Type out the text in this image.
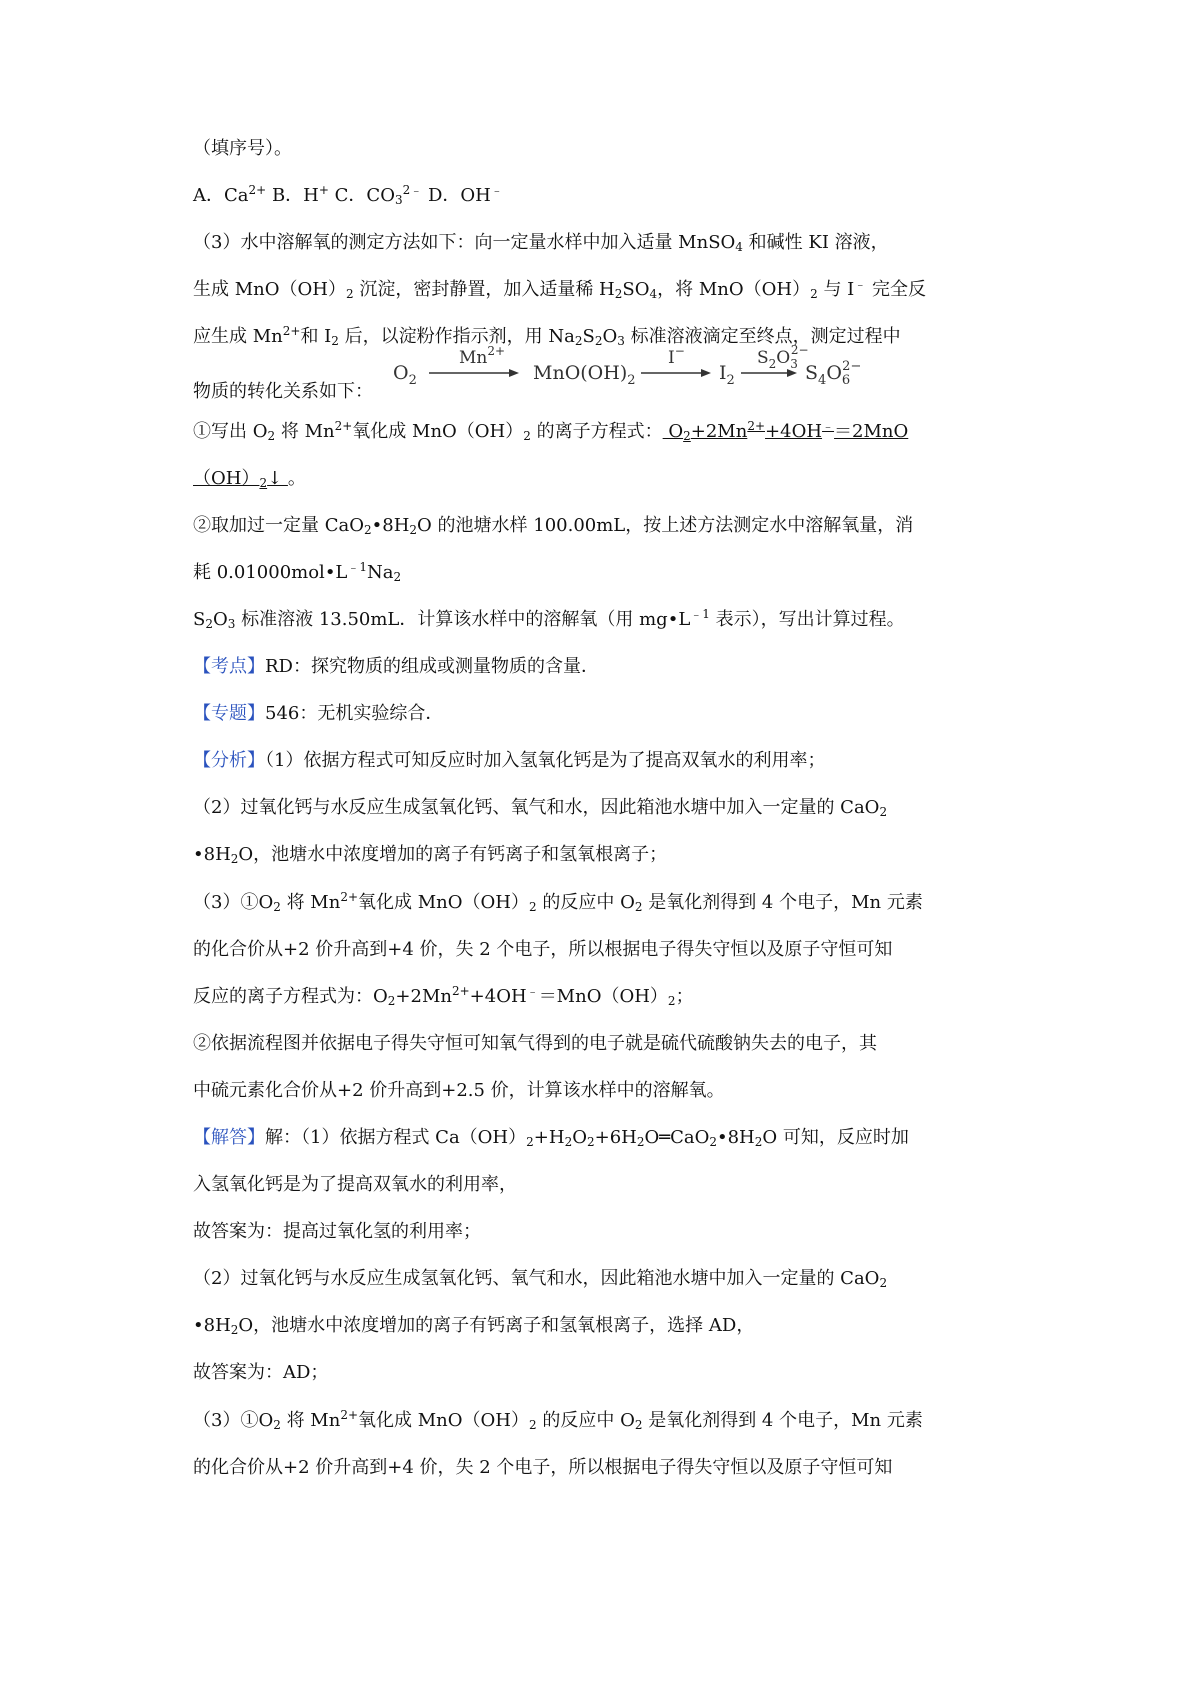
（填序号）。
A．$Ca^{2+}$ B．H+ C．$CO_3^{2﹣}$ D．OH﹣
（3）水中溶解氧的测定方法如下：向一定量水样中加入适量 MnSO$_4$ 和碱性 KI 溶液，
生成 $MnO(OH)_2$ 沉淀，密封静置，加入适量稀 $H_2SO_4$，将 $MnO(OH)_2$ 与 I﹣ 完全反
应生成 $Mn^{2+}$和 $I_2$ 后，以淀粉作指示剂，用 $Na_2S_2O_3$ 标准溶液滴定至终点，测定过程中
物质的转化关系如下：
$O_2$	$MnO(OH)_2$	$I_2$	$S_4O_62-$
$Mn^{2+}$	I−	$S_2O_32-$
①写出 $O_2$ 将 $Mn^{2+}$氧化成 $MnO(OH)_2$ 的离子方程式： $O_2+2Mn^{2+}+4OH^﹣=2MnO$
$(OH)_2↓$ 。
②取加过一定量 $CaO_2•8H_2O$ 的池塘水样 100.00mL，按上述方法测定水中溶解氧量，消
耗 $0.01000mol•L^{﹣1}Na_2$
$S_2O_3$ 标准溶液 13.50mL．计算该水样中的溶解氧（用 $mg•L^{﹣1}$ 表示），写出计算过程。
【考点】RD：探究物质的组成或测量物质的含量．
【专题】546：无机实验综合．
【分析】（1）依据方程式可知反应时加入氢氧化钙是为了提高双氧水的利用率；
（2）过氧化钙与水反应生成氢氧化钙、氧气和水，因此箱池水塘中加入一定量的 CaO$_2$
$•8H_2O$，池塘水中浓度增加的离子有钙离子和氢氧根离子；
$(3)①O_2$ 将 $Mn^{2+}$氧化成 $MnO(OH)_2$ 的反应中 $O_2$ 是氧化剂得到 4 个电子，Mn 元素
的化合价从+2 价升高到+4 价，失 2 个电子，所以根据电子得失守恒以及原子守恒可知
反应的离子方程式为：$O_2+2Mn^{2+}+4OH^﹣=MnO(OH)_2$；
②依据流程图并依据电子得失守恒可知氧气得到的电子就是硫代硫酸钠失去的电子，其
中硫元素化合价从+2 价升高到+2.5 价，计算该水样中的溶解氧。
【解答】解：（1）依据方程式 $Ca(OH)_2+H_2O_2+6H_2O═CaO_2•8H_2O$ 可知，反应时加
入氢氧化钙是为了提高双氧水的利用率，
故答案为：提高过氧化氢的利用率；
（2）过氧化钙与水反应生成氢氧化钙、氧气和水，因此箱池水塘中加入一定量的 CaO$_2$
$•8H_2O$，池塘水中浓度增加的离子有钙离子和氢氧根离子，选择 AD，
故答案为：AD；
$(3)①O_2$ 将 $Mn^{2+}$氧化成 $MnO(OH)_2$ 的反应中 $O_2$ 是氧化剂得到 4 个电子，Mn 元素
的化合价从+2 价升高到+4 价，失 2 个电子，所以根据电子得失守恒以及原子守恒可知
